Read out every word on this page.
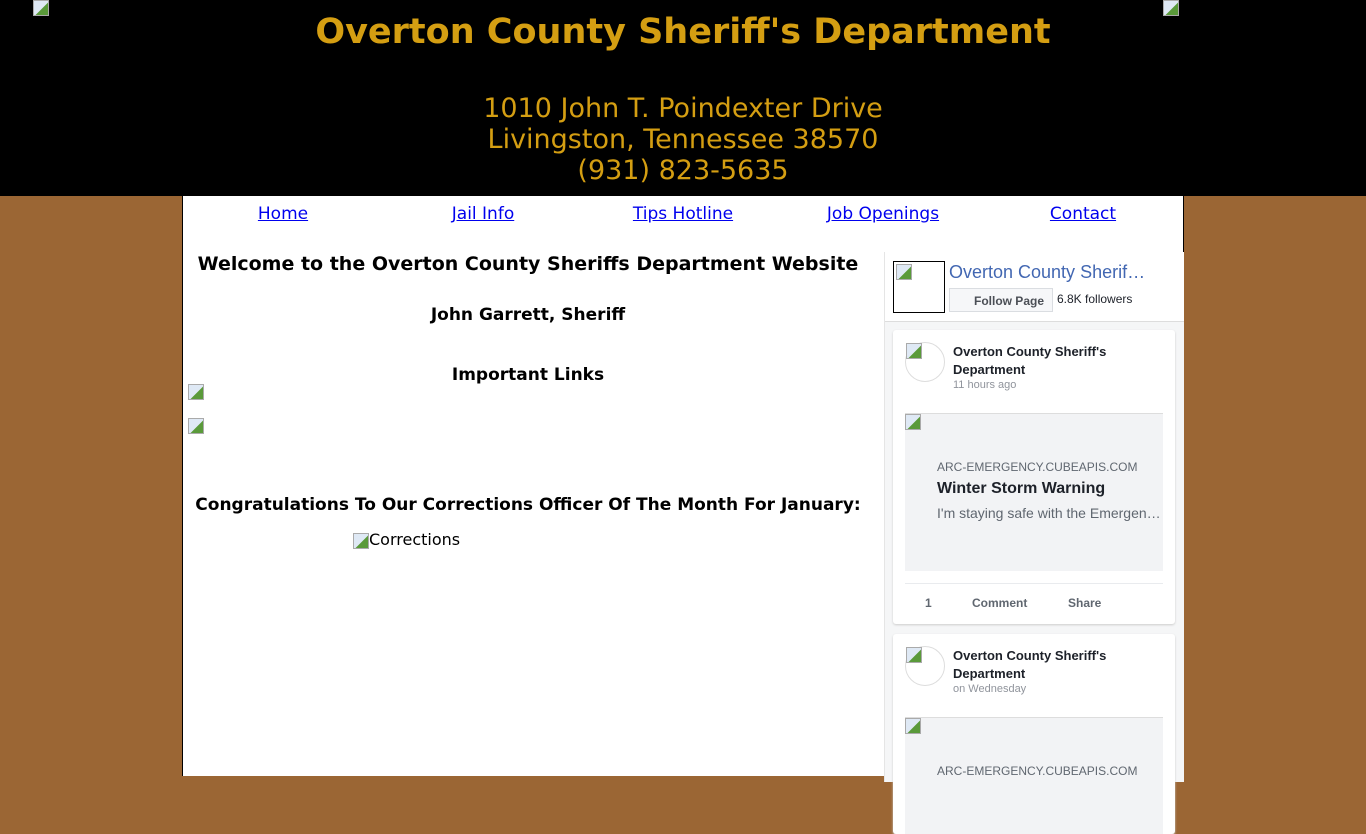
Overton County Sheriff's Department
1010 John T. Poindexter Drive
Livingston, Tennessee 38570
(931) 823-5635
Home	Jail Info	Tips Hotline	Job Openings	Contact
Welcome to the Overton County Sheriffs Department Website
John Garrett, Sheriff
Important Links
Congratulations To Our Corrections Officer Of The Month For January:
Corrections
Overton County Sherif…
Follow Page	6.8K followers
Overton County Sheriff's Department
11 hours ago
ARC-EMERGENCY.CUBEAPIS.COM
Winter Storm Warning
I'm staying safe with the Emergen…
1	Comment	Share
Overton County Sheriff's Department
on Wednesday
ARC-EMERGENCY.CUBEAPIS.COM
